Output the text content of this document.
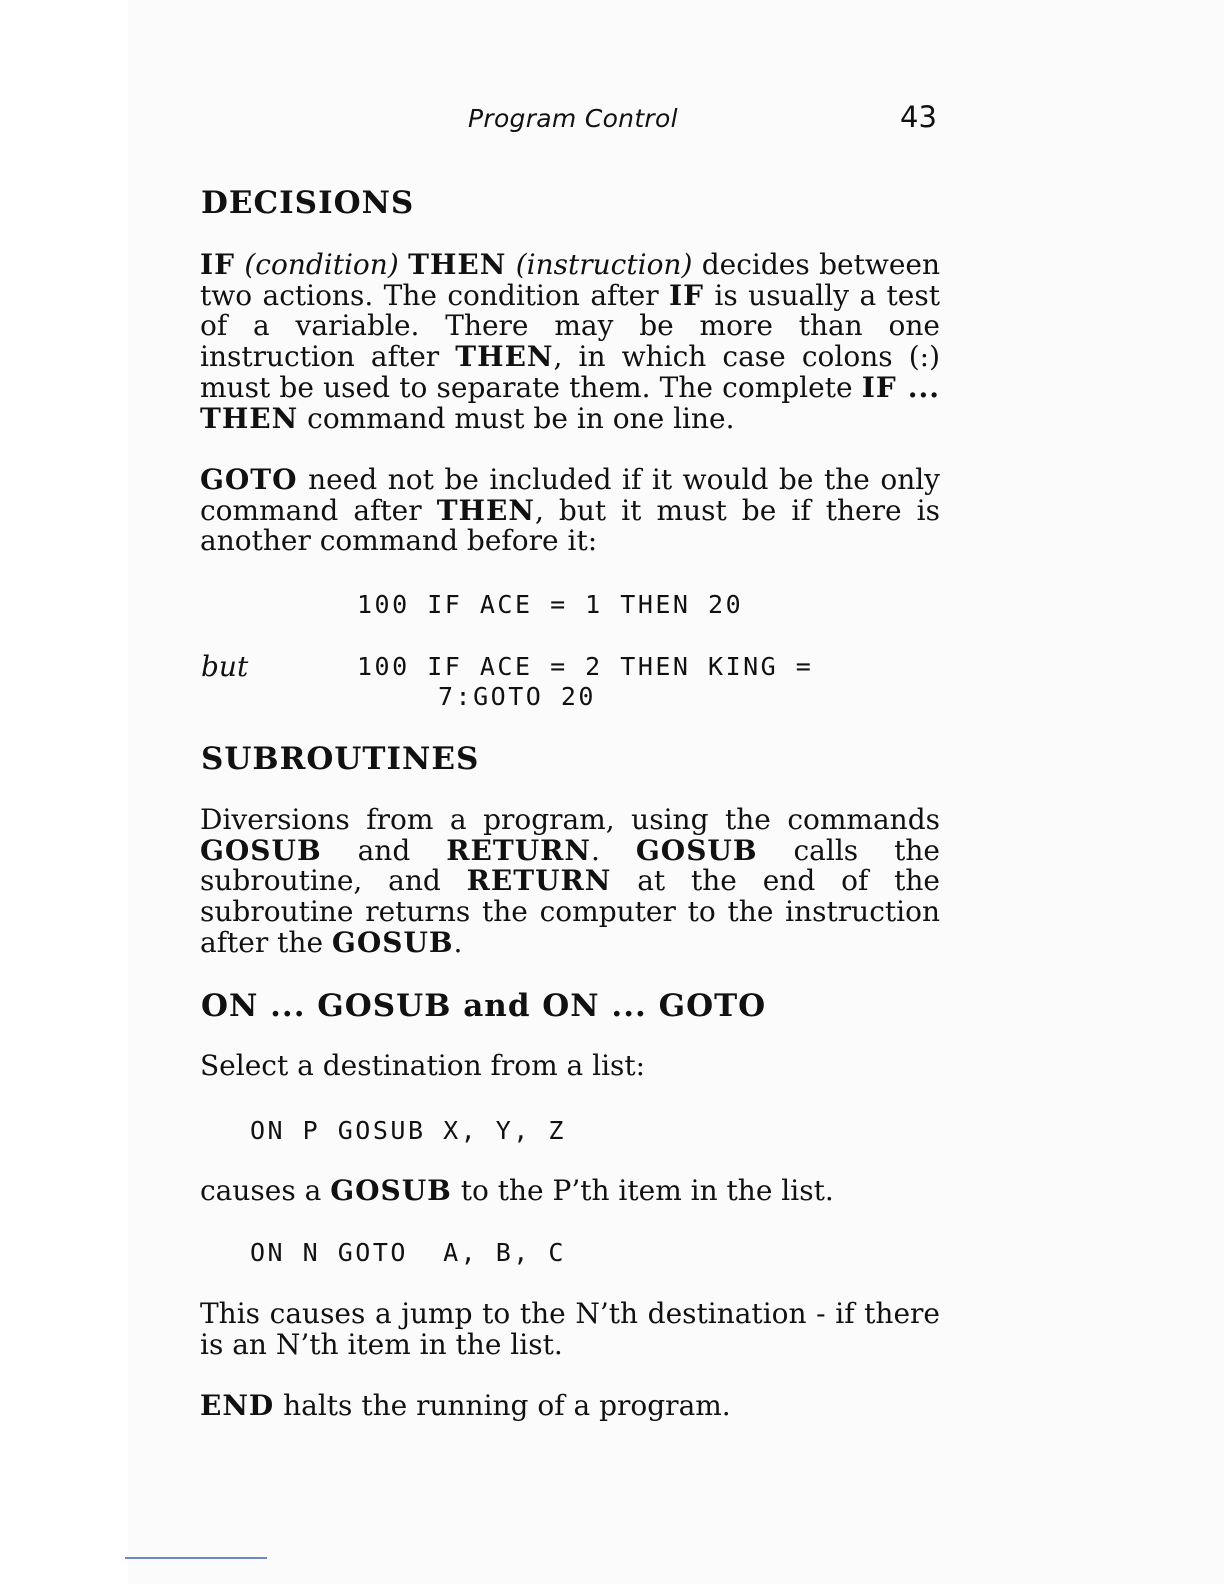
Program Control	43
DECISIONS

IF (condition) THEN (instruction) decides between two actions. The condition after IF is usually a test of a variable. There may be more than one instruction after THEN, in which case colons (:) must be used to separate them. The complete IF ... THEN command must be in one line.

GOTO need not be included if it would be the only command after THEN, but it must be if there is another command before it:

100 IF ACE = 1 THEN 20
but	100 IF ACE = 2 THEN KING =
7:GOTO 20
SUBROUTINES

Diversions from a program, using the commands GOSUB and RETURN. GOSUB calls the subroutine, and RETURN at the end of the subroutine returns the computer to the instruction after the GOSUB.

ON ... GOSUB and ON ... GOTO

Select a destination from a list:

ON P GOSUB X, Y, Z

causes a GOSUB to the P’th item in the list.

ON N GOTO  A, B, C

This causes a jump to the N’th destination - if there is an N’th item in the list.

END halts the running of a program.
